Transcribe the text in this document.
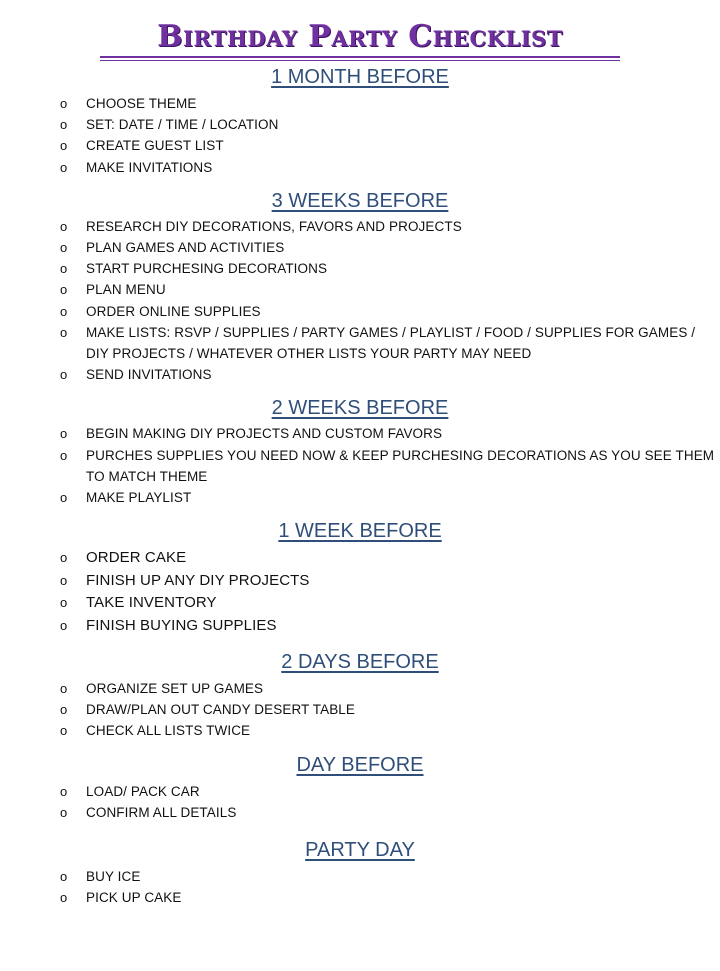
Birthday Party Checklist
1 MONTH BEFORE
o CHOOSE THEME
o SET: DATE / TIME / LOCATION
o CREATE GUEST LIST
o MAKE INVITATIONS
3 WEEKS BEFORE
o RESEARCH DIY DECORATIONS, FAVORS AND PROJECTS
o PLAN GAMES AND ACTIVITIES
o START PURCHESING DECORATIONS
o PLAN MENU
o ORDER ONLINE SUPPLIES
o MAKE LISTS: RSVP / SUPPLIES / PARTY GAMES / PLAYLIST / FOOD / SUPPLIES FOR GAMES / DIY PROJECTS / WHATEVER OTHER LISTS YOUR PARTY MAY NEED
o SEND INVITATIONS
2 WEEKS BEFORE
o BEGIN MAKING DIY PROJECTS AND CUSTOM FAVORS
o PURCHES SUPPLIES YOU NEED NOW & KEEP PURCHESING DECORATIONS AS YOU SEE THEM TO MATCH THEME
o MAKE PLAYLIST
1 WEEK BEFORE
o ORDER CAKE
o FINISH UP ANY DIY PROJECTS
o TAKE INVENTORY
o FINISH BUYING SUPPLIES
2 DAYS BEFORE
o ORGANIZE SET UP GAMES
o DRAW/PLAN OUT CANDY DESERT TABLE
o CHECK ALL LISTS TWICE
DAY BEFORE
o LOAD/ PACK CAR
o CONFIRM ALL DETAILS
PARTY DAY
o BUY ICE
o PICK UP CAKE
